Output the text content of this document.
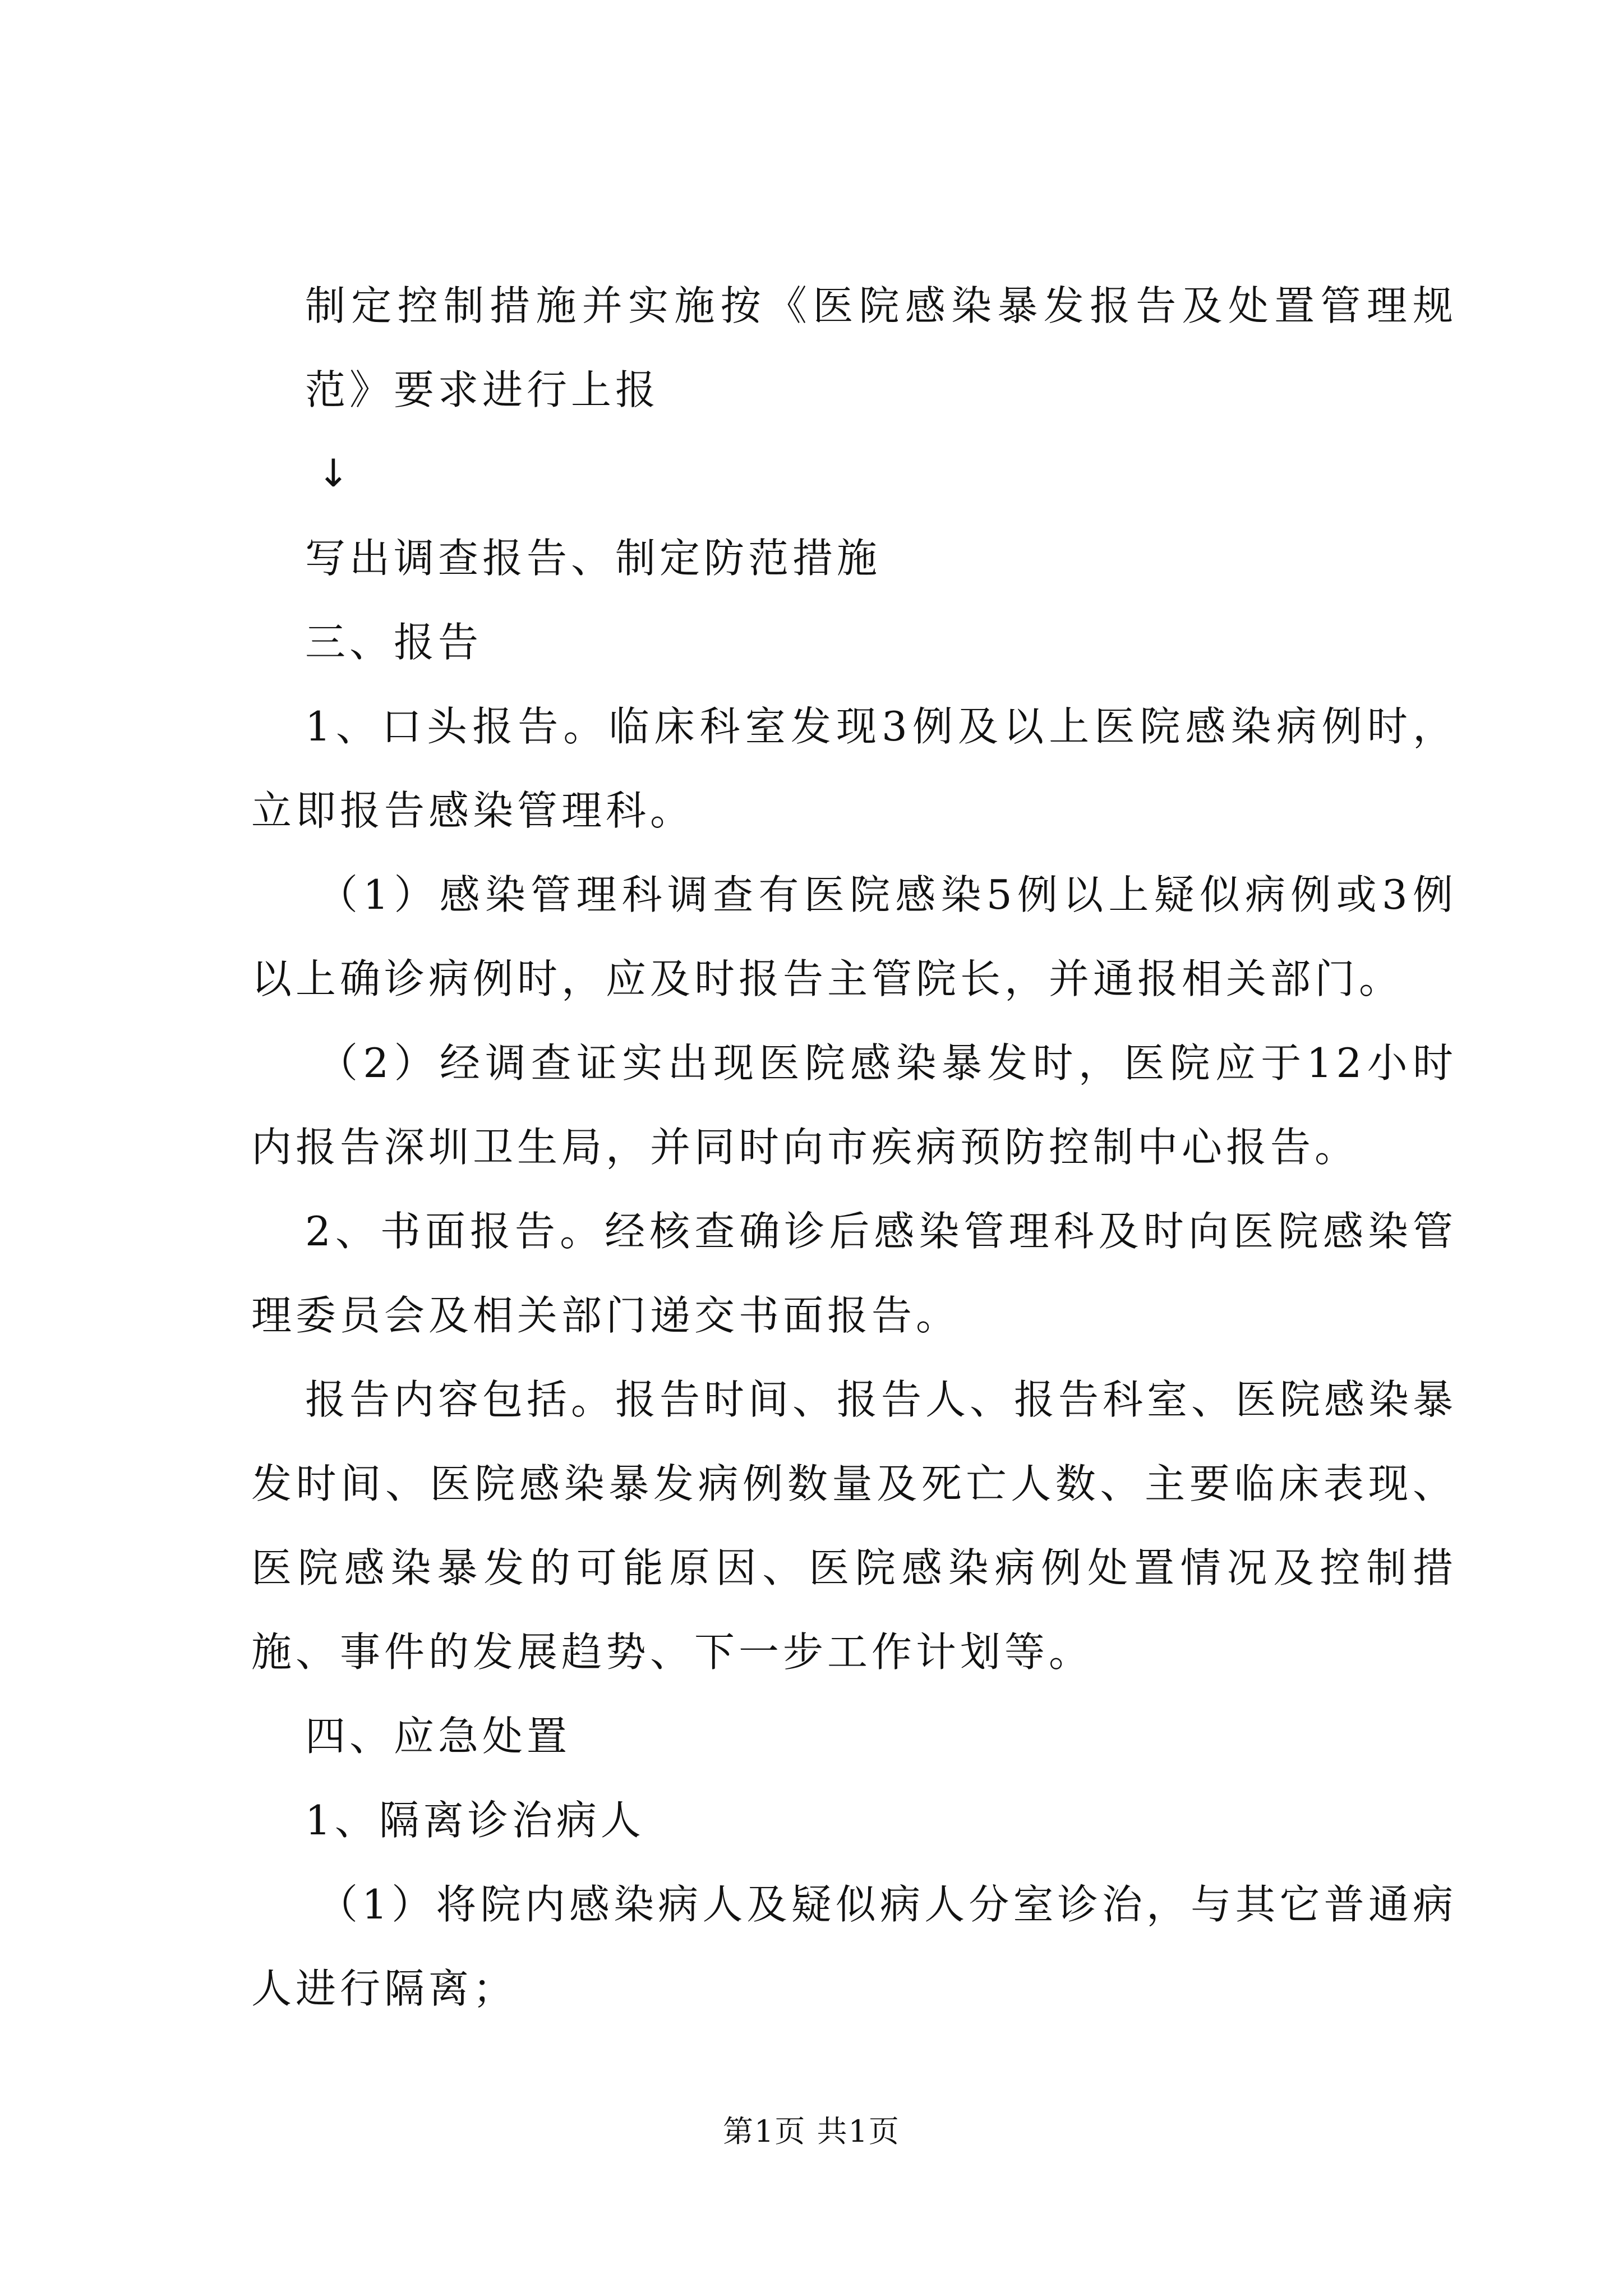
制定控制措施并实施按《医院感染暴发报告及处置管理规范》要求进行上报

↓

写出调查报告、制定防范措施

三、报告

1、口头报告。临床科室发现3例及以上医院感染病例时，立即报告感染管理科。

（1）感染管理科调查有医院感染5例以上疑似病例或3例以上确诊病例时，应及时报告主管院长，并通报相关部门。

（2）经调查证实出现医院感染暴发时，医院应于12小时内报告深圳卫生局，并同时向市疾病预防控制中心报告。

2、书面报告。经核查确诊后感染管理科及时向医院感染管理委员会及相关部门递交书面报告。

报告内容包括。报告时间、报告人、报告科室、医院感染暴发时间、医院感染暴发病例数量及死亡人数、主要临床表现、医院感染暴发的可能原因、医院感染病例处置情况及控制措施、事件的发展趋势、下一步工作计划等。

四、应急处置

1、隔离诊治病人

（1）将院内感染病人及疑似病人分室诊治，与其它普通病人进行隔离；

第1页 共1页
